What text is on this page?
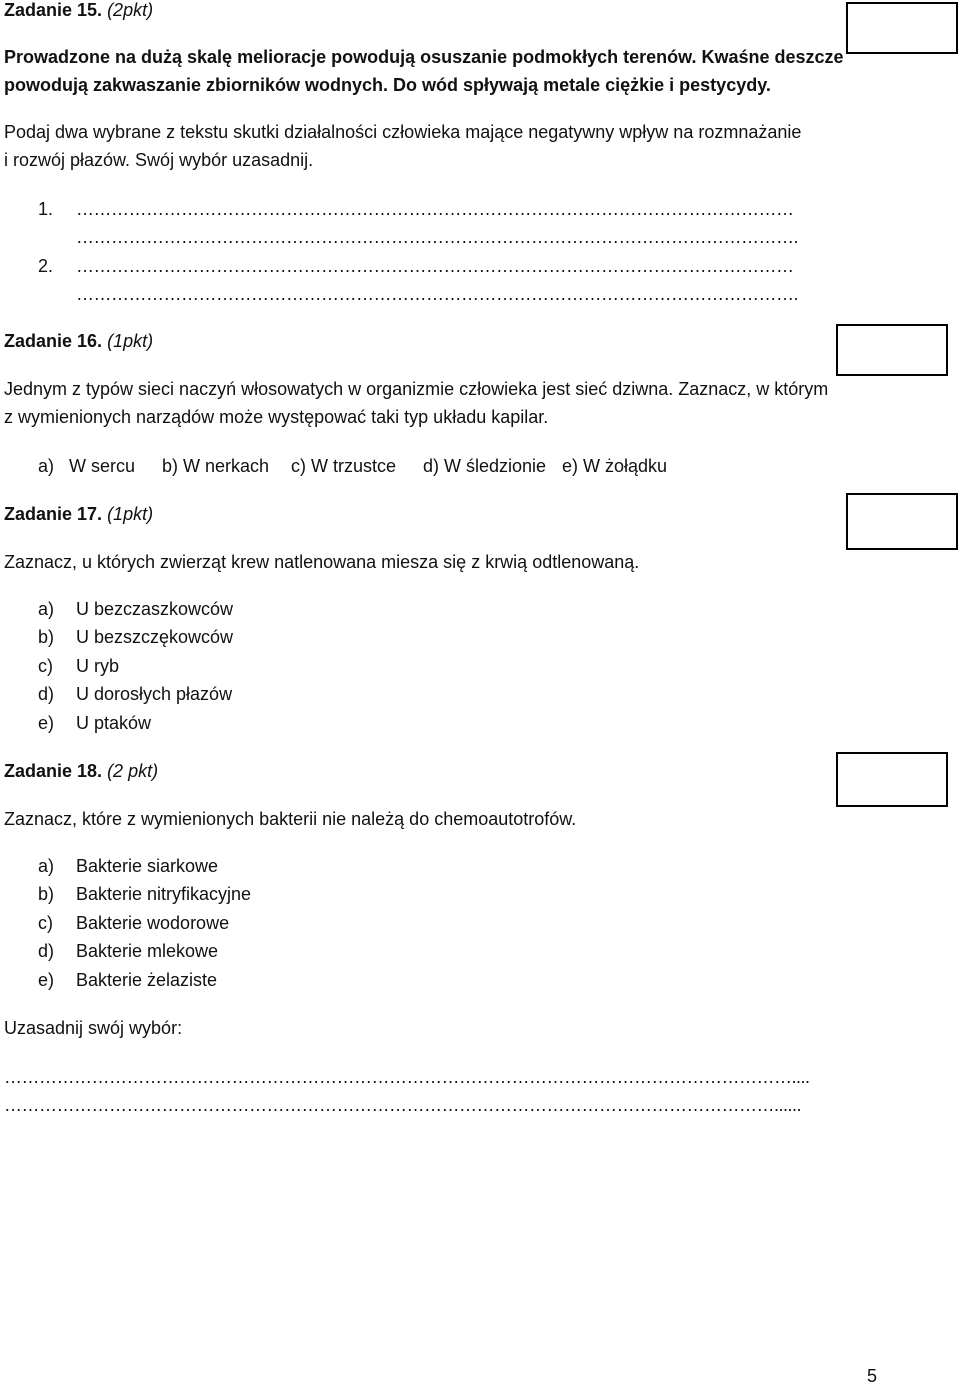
Zadanie 15. (2pkt)
Prowadzone na dużą skalę melioracje powodują osuszanie podmokłych terenów. Kwaśne deszcze
powodują zakwaszanie zbiorników wodnych. Do wód spływają metale ciężkie i pestycydy.
Podaj dwa wybrane z tekstu skutki działalności człowieka mające negatywny wpływ na rozmnażanie
i rozwój płazów. Swój wybór uzasadnij.
1. ……………………………………………………………………………………………………………
…………………………………………………………………………………………………………….
2. ……………………………………………………………………………………………………………
…………………………………………………………………………………………………………….
Zadanie 16. (1pkt)
Jednym z typów sieci naczyń włosowatych w organizmie człowieka jest sieć dziwna. Zaznacz, w którym
z wymienionych narządów może występować taki typ układu kapilar.
a)   W sercu b) W nerkach c) W trzustce d) W śledzionie e) W żołądku
Zadanie 17. (1pkt)
Zaznacz, u których zwierząt krew natlenowana miesza się z krwią odtlenowaną.
a) U bezczaszkowców
b) U bezszczękowców
c) U ryb
d) U dorosłych płazów
e) U ptaków
Zadanie 18. (2 pkt)
Zaznacz, które z wymienionych bakterii nie należą do chemoautotrofów.
a) Bakterie siarkowe
b) Bakterie nitryfikacyjne
c) Bakterie wodorowe
d) Bakterie mlekowe
e) Bakterie żelaziste
Uzasadnij swój wybór:
………………………………………………………………………………………………………………………....
……………………………………………………………………………………………………………………......
5
